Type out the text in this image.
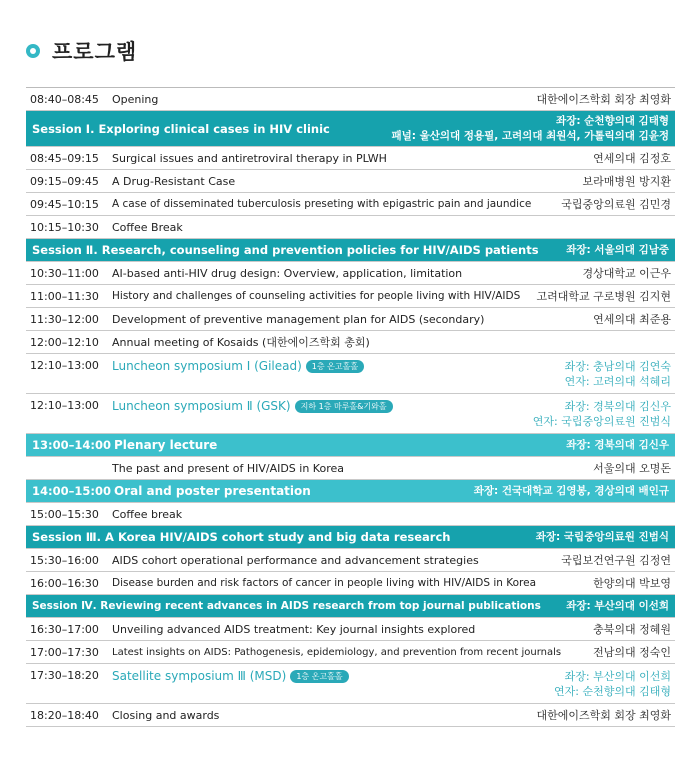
프로그램
08:40–08:45	Opening	대한에이즈학회 회장 최영화
Session Ⅰ. Exploring clinical cases in HIV clinic
좌장: 순천향의대 김태형
패널: 울산의대 정용필, 고려의대 최원석, 가톨릭의대 김윤정
08:45–09:15	Surgical issues and antiretroviral therapy in PLWH	연세의대 김정호
09:15–09:45	A Drug-Resistant Case	보라매병원 방지환
09:45–10:15	A case of disseminated tuberculosis preseting with epigastric pain and jaundice	국립중앙의료원 김민경
10:15–10:30	Coffee Break
Session Ⅱ. Research, counseling and prevention policies for HIV/AIDS patients	좌장: 서울의대 김남중
10:30–11:00	AI-based anti-HIV drug design: Overview, application, limitation	경상대학교 이근우
11:00–11:30	History and challenges of counseling activities for people living with HIV/AIDS	고려대학교 구로병원 김지현
11:30–12:00	Development of preventive management plan for AIDS (secondary)	연세의대 최준용
12:00–12:10	Annual meeting of Kosaids (대한에이즈학회 총회)
12:10–13:00	Luncheon symposium Ⅰ (Gilead) 1층 온고홀홀	좌장: 충남의대 김연숙
연자: 고려의대 석혜리
12:10–13:00	Luncheon symposium Ⅱ (GSK) 지하 1층 마루홀&기와홀	좌장: 경북의대 김신우
연자: 국립중앙의료원 진범식
13:00–14:00 Plenary lecture	좌장: 경북의대 김신우
The past and present of HIV/AIDS in Korea	서울의대 오명돈
14:00–15:00 Oral and poster presentation	좌장: 건국대학교 김영봉, 경상의대 배인규
15:00–15:30	Coffee break
Session Ⅲ. A Korea HIV/AIDS cohort study and big data research	좌장: 국립중앙의료원 진범식
15:30–16:00	AIDS cohort operational performance and advancement strategies	국립보건연구원 김정연
16:00–16:30	Disease burden and risk factors of cancer in people living with HIV/AIDS in Korea	한양의대 박보영
Session Ⅳ. Reviewing recent advances in AIDS research from top journal publications	좌장: 부산의대 이선희
16:30–17:00	Unveiling advanced AIDS treatment: Key journal insights explored	충북의대 정혜원
17:00–17:30	Latest insights on AIDS: Pathogenesis, epidemiology, and prevention from recent journals	전남의대 정숙인
17:30–18:20	Satellite symposium Ⅲ (MSD) 1층 온고홀홀	좌장: 부산의대 이선희
연자: 순천향의대 김태형
18:20–18:40	Closing and awards	대한에이즈학회 회장 최영화
